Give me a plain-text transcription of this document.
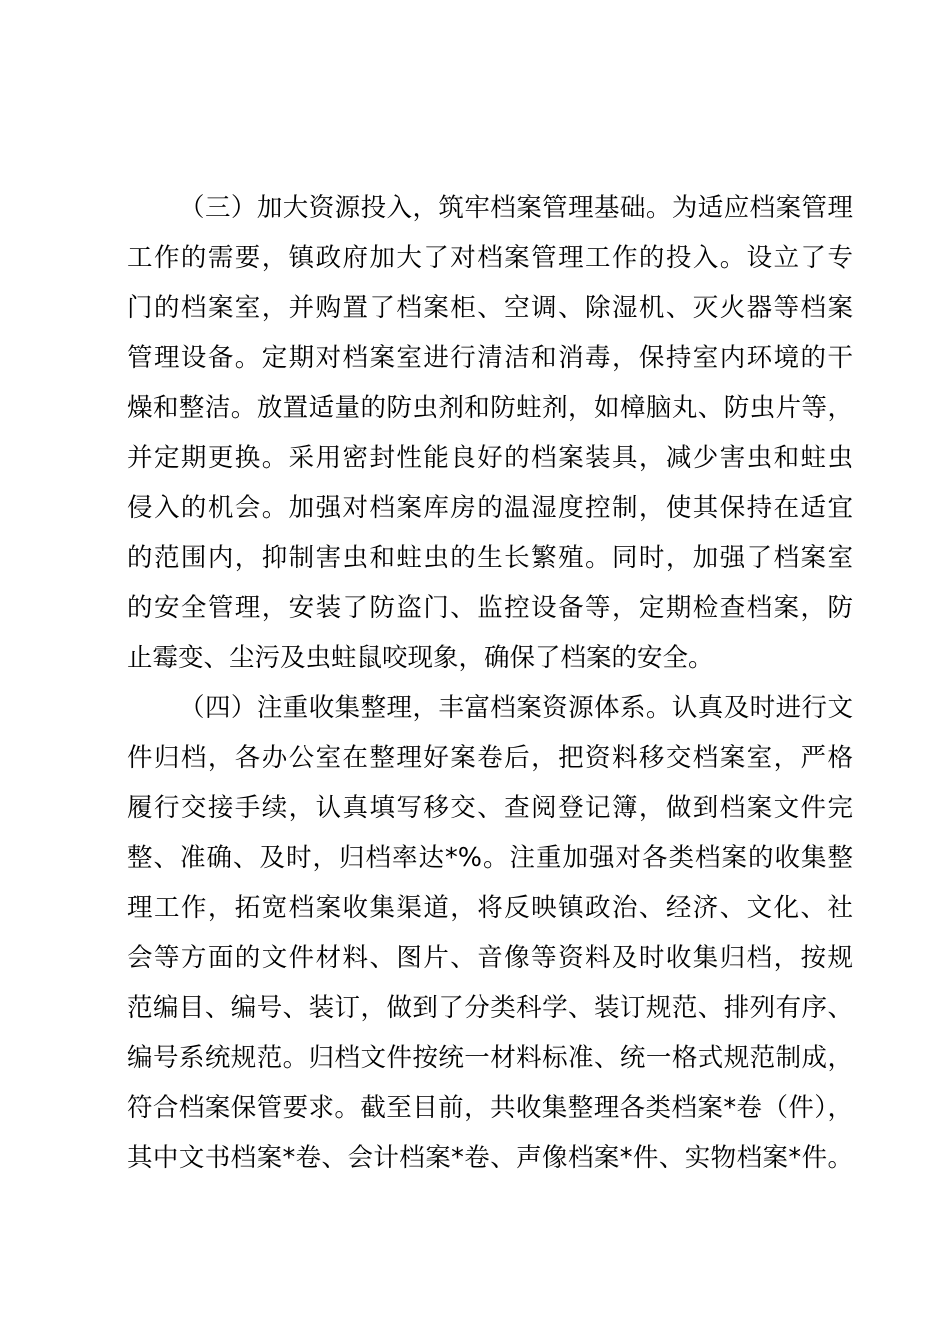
（三）加大资源投入，筑牢档案管理基础。为适应档案管理
工作的需要，镇政府加大了对档案管理工作的投入。设立了专
门的档案室，并购置了档案柜、空调、除湿机、灭火器等档案
管理设备。定期对档案室进行清洁和消毒，保持室内环境的干
燥和整洁。放置适量的防虫剂和防蛀剂，如樟脑丸、防虫片等，
并定期更换。采用密封性能良好的档案装具，减少害虫和蛀虫
侵入的机会。加强对档案库房的温湿度控制，使其保持在适宜
的范围内，抑制害虫和蛀虫的生长繁殖。同时，加强了档案室
的安全管理，安装了防盗门、监控设备等，定期检查档案，防
止霉变、尘污及虫蛀鼠咬现象，确保了档案的安全。
（四）注重收集整理，丰富档案资源体系。认真及时进行文
件归档，各办公室在整理好案卷后，把资料移交档案室，严格
履行交接手续，认真填写移交、查阅登记簿，做到档案文件完
整、准确、及时，归档率达*%。注重加强对各类档案的收集整
理工作，拓宽档案收集渠道，将反映镇政治、经济、文化、社
会等方面的文件材料、图片、音像等资料及时收集归档，按规
范编目、编号、装订，做到了分类科学、装订规范、排列有序、
编号系统规范。归档文件按统一材料标准、统一格式规范制成，
符合档案保管要求。截至目前，共收集整理各类档案*卷（件），
其中文书档案*卷、会计档案*卷、声像档案*件、实物档案*件。
